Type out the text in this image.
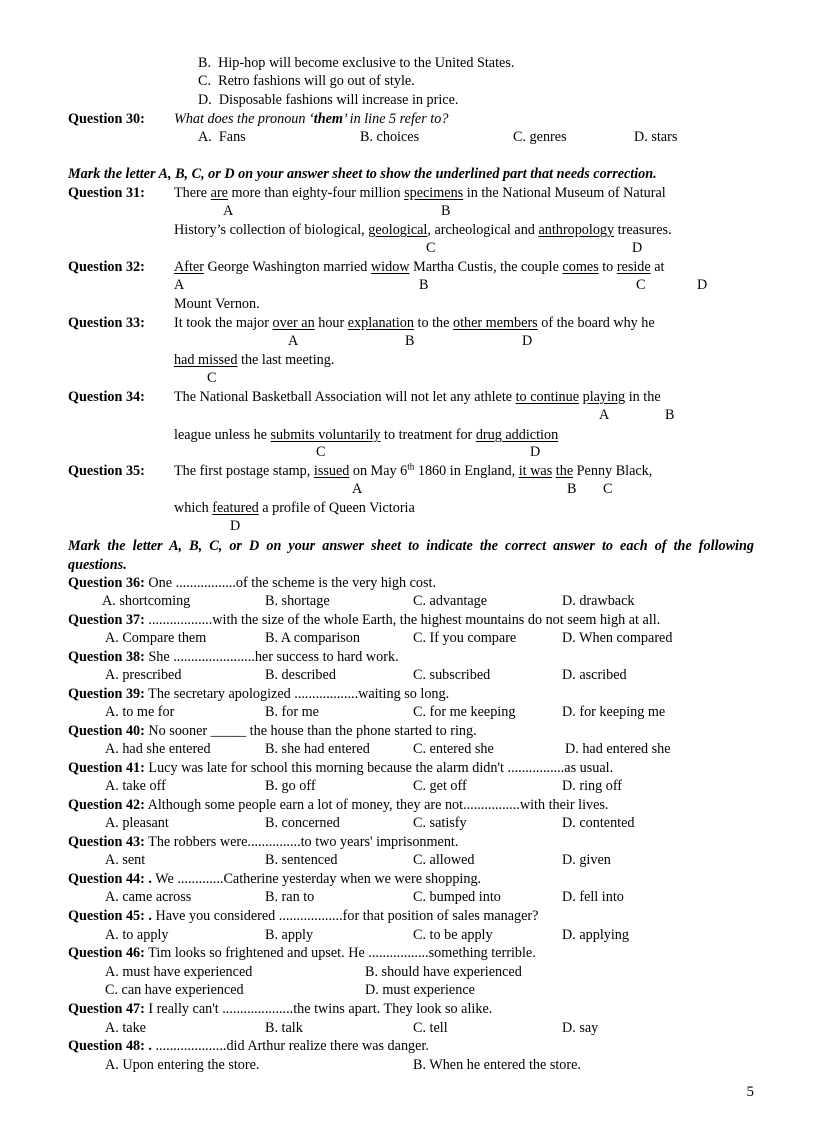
B.  Hip-hop will become exclusive to the United States.
C.  Retro fashions will go out of style.
D.  Disposable fashions will increase in price.
Question 30: What does the pronoun ‘them’ in line 5 refer to?
A.  Fans	B. choices	C. genres	D. stars
Mark the letter A, B, C, or D on your answer sheet to show the underlined part that needs correction.
Question 31: There are more than eighty-four million specimens in the National Museum of Natural
A	B
History’s collection of biological, geological, archeological and anthropology treasures.
C	D
Question 32: After George Washington married widow Martha Custis, the couple comes to reside at
A	B	C	D
Mount Vernon.
Question 33: It took the major over an hour explanation to the other members of the board why he
A	B	D
had missed the last meeting.
C
Question 34: The National Basketball Association will not let any athlete to continue playing in the
A	B
league unless he submits voluntarily to treatment for drug addiction
C	D
Question 35: The first postage stamp, issued on May 6th 1860 in England, it was the Penny Black,
A	B C
which featured a profile of Queen Victoria
D
Mark the letter A, B, C, or D on your answer sheet to indicate the correct answer to each of the following
questions.
Question 36: One .................of the scheme is the very high cost.
A. shortcoming	B. shortage	C. advantage	D. drawback
Question 37: ..................with the size of the whole Earth, the highest mountains do not seem high at all.
A. Compare them	B. A comparison	C. If you compare	D. When compared
Question 38: She .......................her success to hard work.
A. prescribed	B. described	C. subscribed	D. ascribed
Question 39: The secretary apologized ..................waiting so long.
A. to me for	B. for me	C. for me keeping	D. for keeping me
Question 40: No sooner _____ the house than the phone started to ring.
A. had she entered	B. she had entered	C. entered she	D. had entered she
Question 41: Lucy was late for school this morning because the alarm didn't ................as usual.
A. take off	B. go off	C. get off	D. ring off
Question 42: Although some people earn a lot of money, they are not................with their lives.
A. pleasant	B. concerned	C. satisfy	D. contented
Question 43: The robbers were...............to two years' imprisonment.
A. sent	B. sentenced	C. allowed	D. given
Question 44: . We .............Catherine yesterday when we were shopping.
A. came across	B. ran to	C. bumped into	D. fell into
Question 45: . Have you considered ..................for that position of sales manager?
A. to apply	B. apply	C. to be apply	D. applying
Question 46: Tim looks so frightened and upset. He .................something terrible.
A. must have experienced	B. should have experienced
C. can have experienced	D. must experience
Question 47: I really can't ....................the twins apart. They look so alike.
A. take	B. talk	C. tell	D. say
Question 48: . ....................did Arthur realize there was danger.
A. Upon entering the store.	B. When he entered the store.
5
